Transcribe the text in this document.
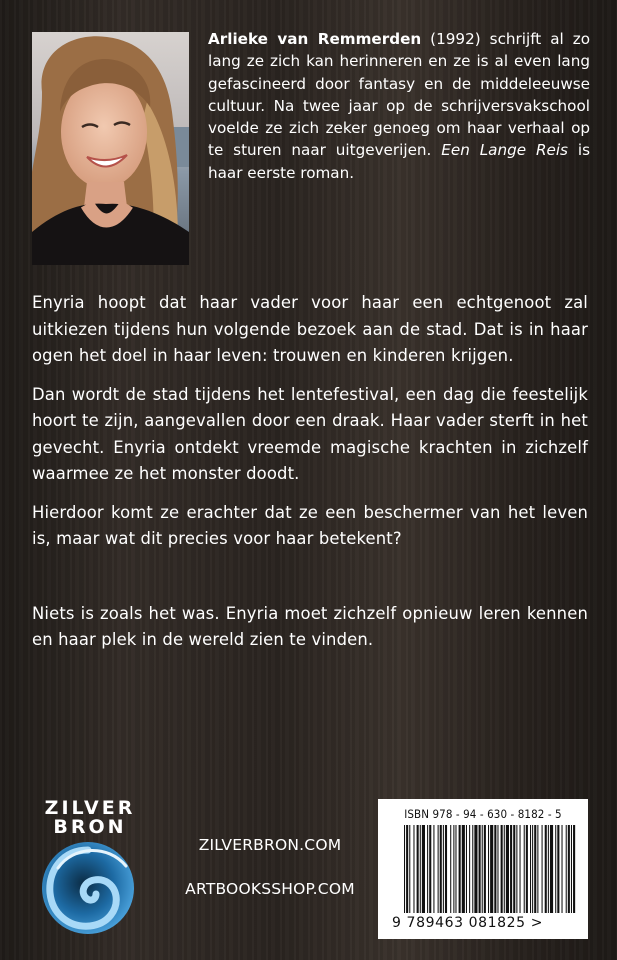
Arlieke van Remmerden (1992) schrijft al zo lang ze zich kan herinneren en ze is al even lang gefascineerd door fantasy en de middeleeuwse cultuur. Na twee jaar op de schrijversvakschool voelde ze zich zeker genoeg om haar verhaal op te sturen naar uitgeverijen. Een Lange Reis is haar eerste roman.

Enyria hoopt dat haar vader voor haar een echtgenoot zal uitkiezen tijdens hun volgende bezoek aan de stad. Dat is in haar ogen het doel in haar leven: trouwen en kinderen krijgen.

Dan wordt de stad tijdens het lentefestival, een dag die feestelijk hoort te zijn, aangevallen door een draak. Haar vader sterft in het gevecht. Enyria ontdekt vreemde magische krachten in zichzelf waarmee ze het monster doodt.

Hierdoor komt ze erachter dat ze een beschermer van het leven is, maar wat dit precies voor haar betekent?

Niets is zoals het was. Enyria moet zichzelf opnieuw leren kennen en haar plek in de wereld zien te vinden.

ZILVER
BRON
ZILVERBRON.COM
ARTBOOKSSHOP.COM
ISBN 978 - 94 - 630 - 8182 - 5
9 789463 081825 >
